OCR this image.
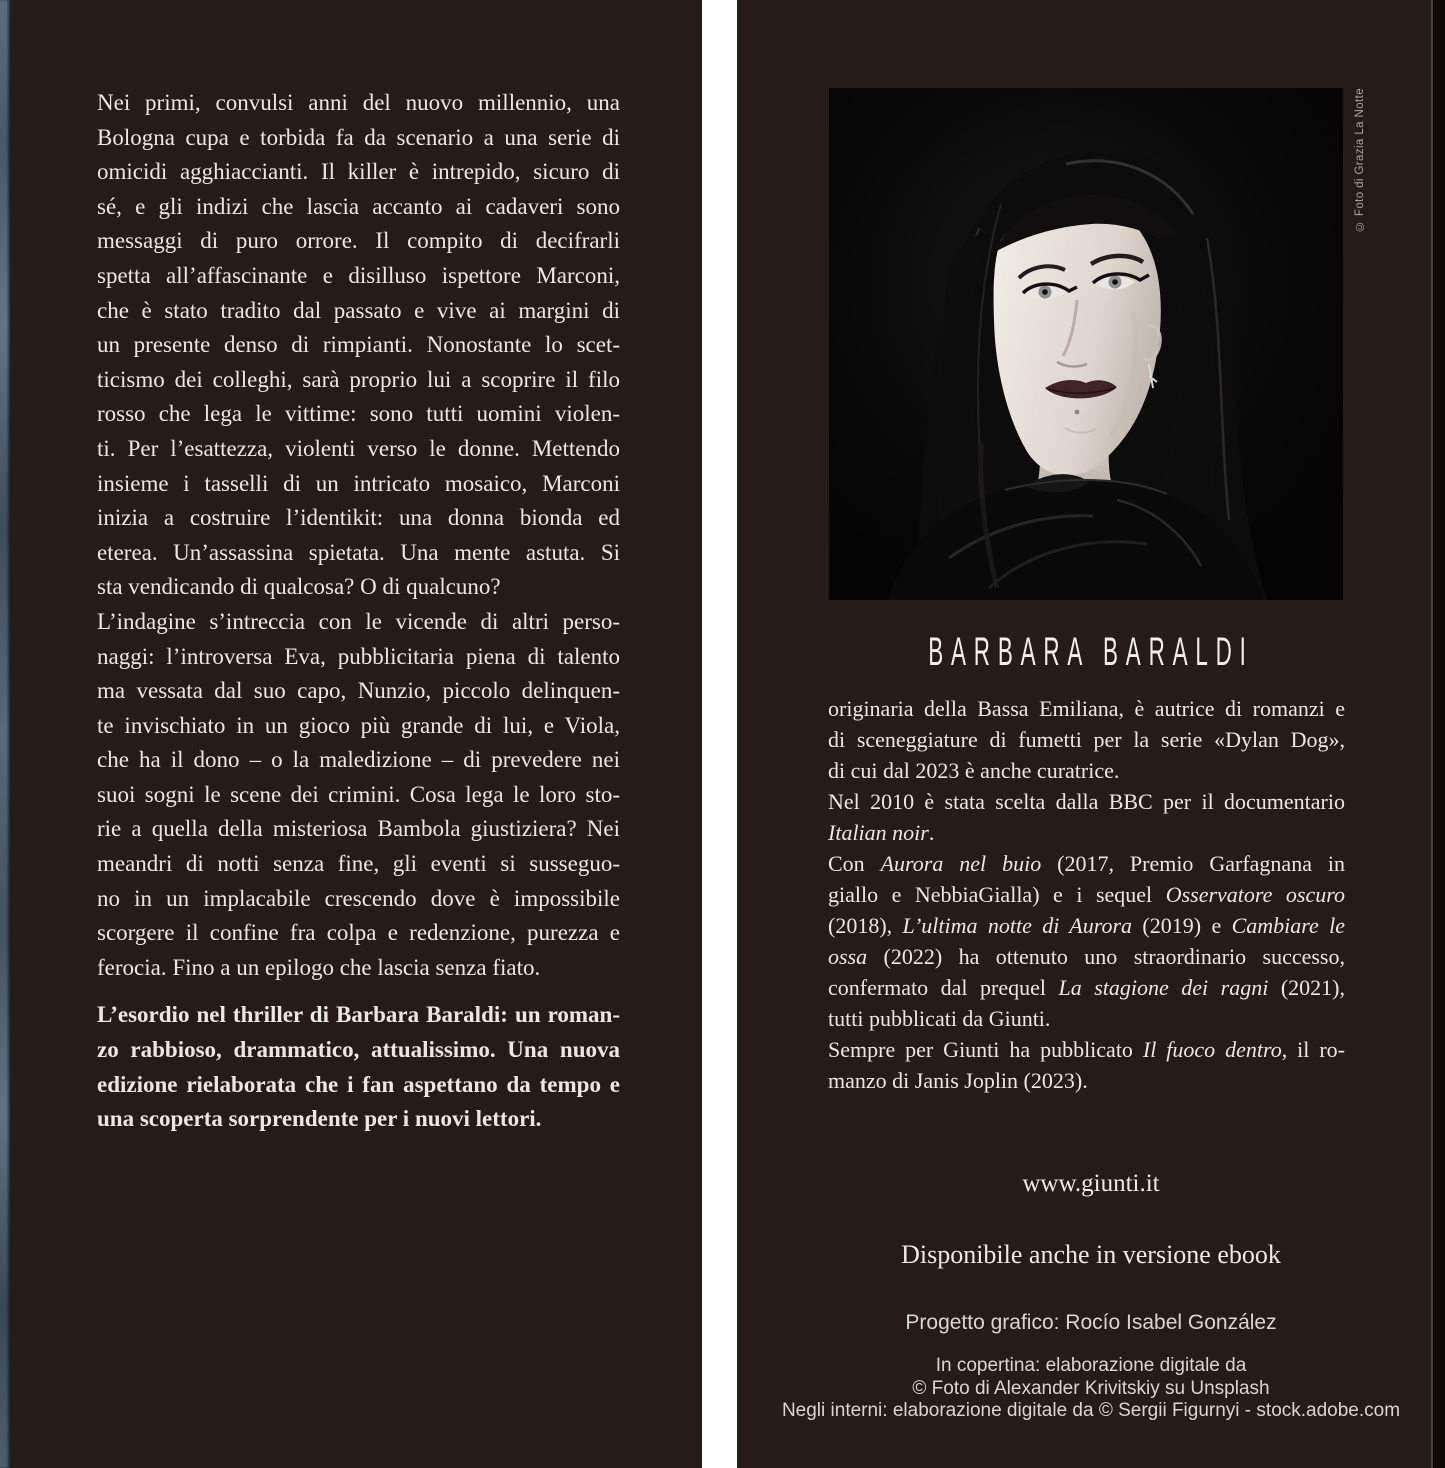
Nei primi, convulsi anni del nuovo millennio, una
Bologna cupa e torbida fa da scenario a una serie di
omicidi agghiaccianti. Il killer è intrepido, sicuro di
sé, e gli indizi che lascia accanto ai cadaveri sono
messaggi di puro orrore. Il compito di decifrarli
spetta all’affascinante e disilluso ispettore Marconi,
che è stato tradito dal passato e vive ai margini di
un presente denso di rimpianti. Nonostante lo scet-
ticismo dei colleghi, sarà proprio lui a scoprire il filo
rosso che lega le vittime: sono tutti uomini violen-
ti. Per l’esattezza, violenti verso le donne. Mettendo
insieme i tasselli di un intricato mosaico, Marconi
inizia a costruire l’identikit: una donna bionda ed
eterea. Un’assassina spietata. Una mente astuta. Si
sta vendicando di qualcosa? O di qualcuno?
L’indagine s’intreccia con le vicende di altri perso-
naggi: l’introversa Eva, pubblicitaria piena di talento
ma vessata dal suo capo, Nunzio, piccolo delinquen-
te invischiato in un gioco più grande di lui, e Viola,
che ha il dono – o la maledizione – di prevedere nei
suoi sogni le scene dei crimini. Cosa lega le loro sto-
rie a quella della misteriosa Bambola giustiziera? Nei
meandri di notti senza fine, gli eventi si susseguo-
no in un implacabile crescendo dove è impossibile
scorgere il confine fra colpa e redenzione, purezza e
ferocia. Fino a un epilogo che lascia senza fiato.
L’esordio nel thriller di Barbara Baraldi: un roman-
zo rabbioso, drammatico, attualissimo. Una nuova
edizione rielaborata che i fan aspettano da tempo e
una scoperta sorprendente per i nuovi lettori.
© Foto di Grazia La Notte
BARBARA BARALDI
originaria della Bassa Emiliana, è autrice di romanzi e
di sceneggiature di fumetti per la serie «Dylan Dog»,
di cui dal 2023 è anche curatrice.
Nel 2010 è stata scelta dalla BBC per il documentario
Italian noir.
Con Aurora nel buio (2017, Premio Garfagnana in
giallo e NebbiaGialla) e i sequel Osservatore oscuro
(2018), L’ultima notte di Aurora (2019) e Cambiare le
ossa (2022) ha ottenuto uno straordinario successo,
confermato dal prequel La stagione dei ragni (2021),
tutti pubblicati da Giunti.
Sempre per Giunti ha pubblicato Il fuoco dentro, il ro-
manzo di Janis Joplin (2023).
www.giunti.it
Disponibile anche in versione ebook
Progetto grafico: Rocío Isabel González
In copertina: elaborazione digitale da
© Foto di Alexander Krivitskiy su Unsplash
Negli interni: elaborazione digitale da © Sergii Figurnyi - stock.adobe.com
